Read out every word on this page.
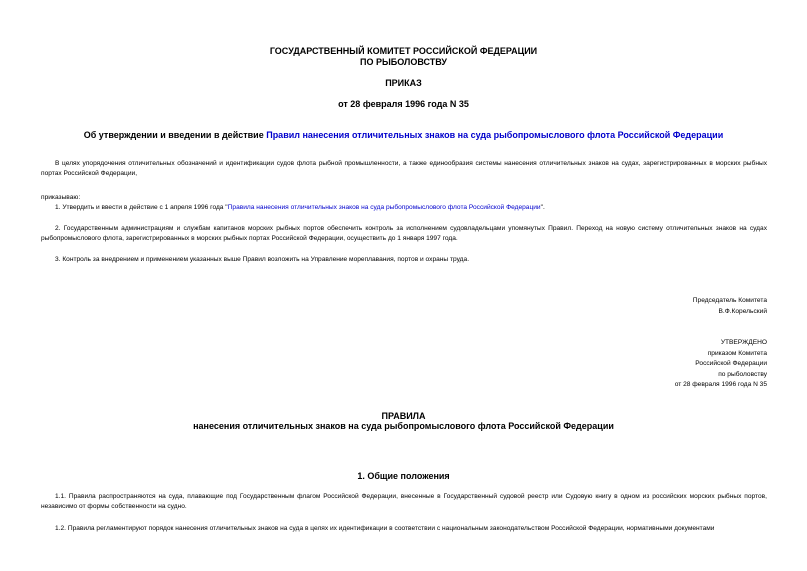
ГОСУДАРСТВЕННЫЙ КОМИТЕТ РОССИЙСКОЙ ФЕДЕРАЦИИ
ПО РЫБОЛОВСТВУ
ПРИКАЗ
от 28 февраля 1996 года N 35
Об утверждении и введении в действие Правил нанесения отличительных знаков на суда рыбопромыслового флота Российской Федерации
В целях упорядочения отличительных обозначений и идентификации судов флота рыбной промышленности, а также единообразия системы нанесения отличительных знаков на судах, зарегистрированных в морских рыбных портах Российской Федерации,
приказываю:
1. Утвердить и ввести в действие с 1 апреля 1996 года "Правила нанесения отличительных знаков на суда рыбопромыслового флота Российской Федерации".
2. Государственным администрациям и службам капитанов морских рыбных портов обеспечить контроль за исполнением судовладельцами упомянутых Правил. Переход на новую систему отличительных знаков на судах рыбопромыслового флота, зарегистрированных в морских рыбных портах Российской Федерации, осуществить до 1 января 1997 года.
3. Контроль за внедрением и применением указанных выше Правил возложить на Управление мореплавания, портов и охраны труда.
Председатель Комитета
В.Ф.Корельский
УТВЕРЖДЕНО
приказом Комитета
Российской Федерации
по рыболовству
от 28 февраля 1996 года N 35
ПРАВИЛА
нанесения отличительных знаков на суда рыбопромыслового флота Российской Федерации
1. Общие положения
1.1. Правила распространяются на суда, плавающие под Государственным флагом Российской Федерации, внесенные в Государственный судовой реестр или Судовую книгу в одном из российских морских рыбных портов, независимо от формы собственности на судно.
1.2. Правила регламентируют порядок нанесения отличительных знаков на суда в целях их идентификации в соответствии с национальным законодательством Российской Федерации, нормативными документами
